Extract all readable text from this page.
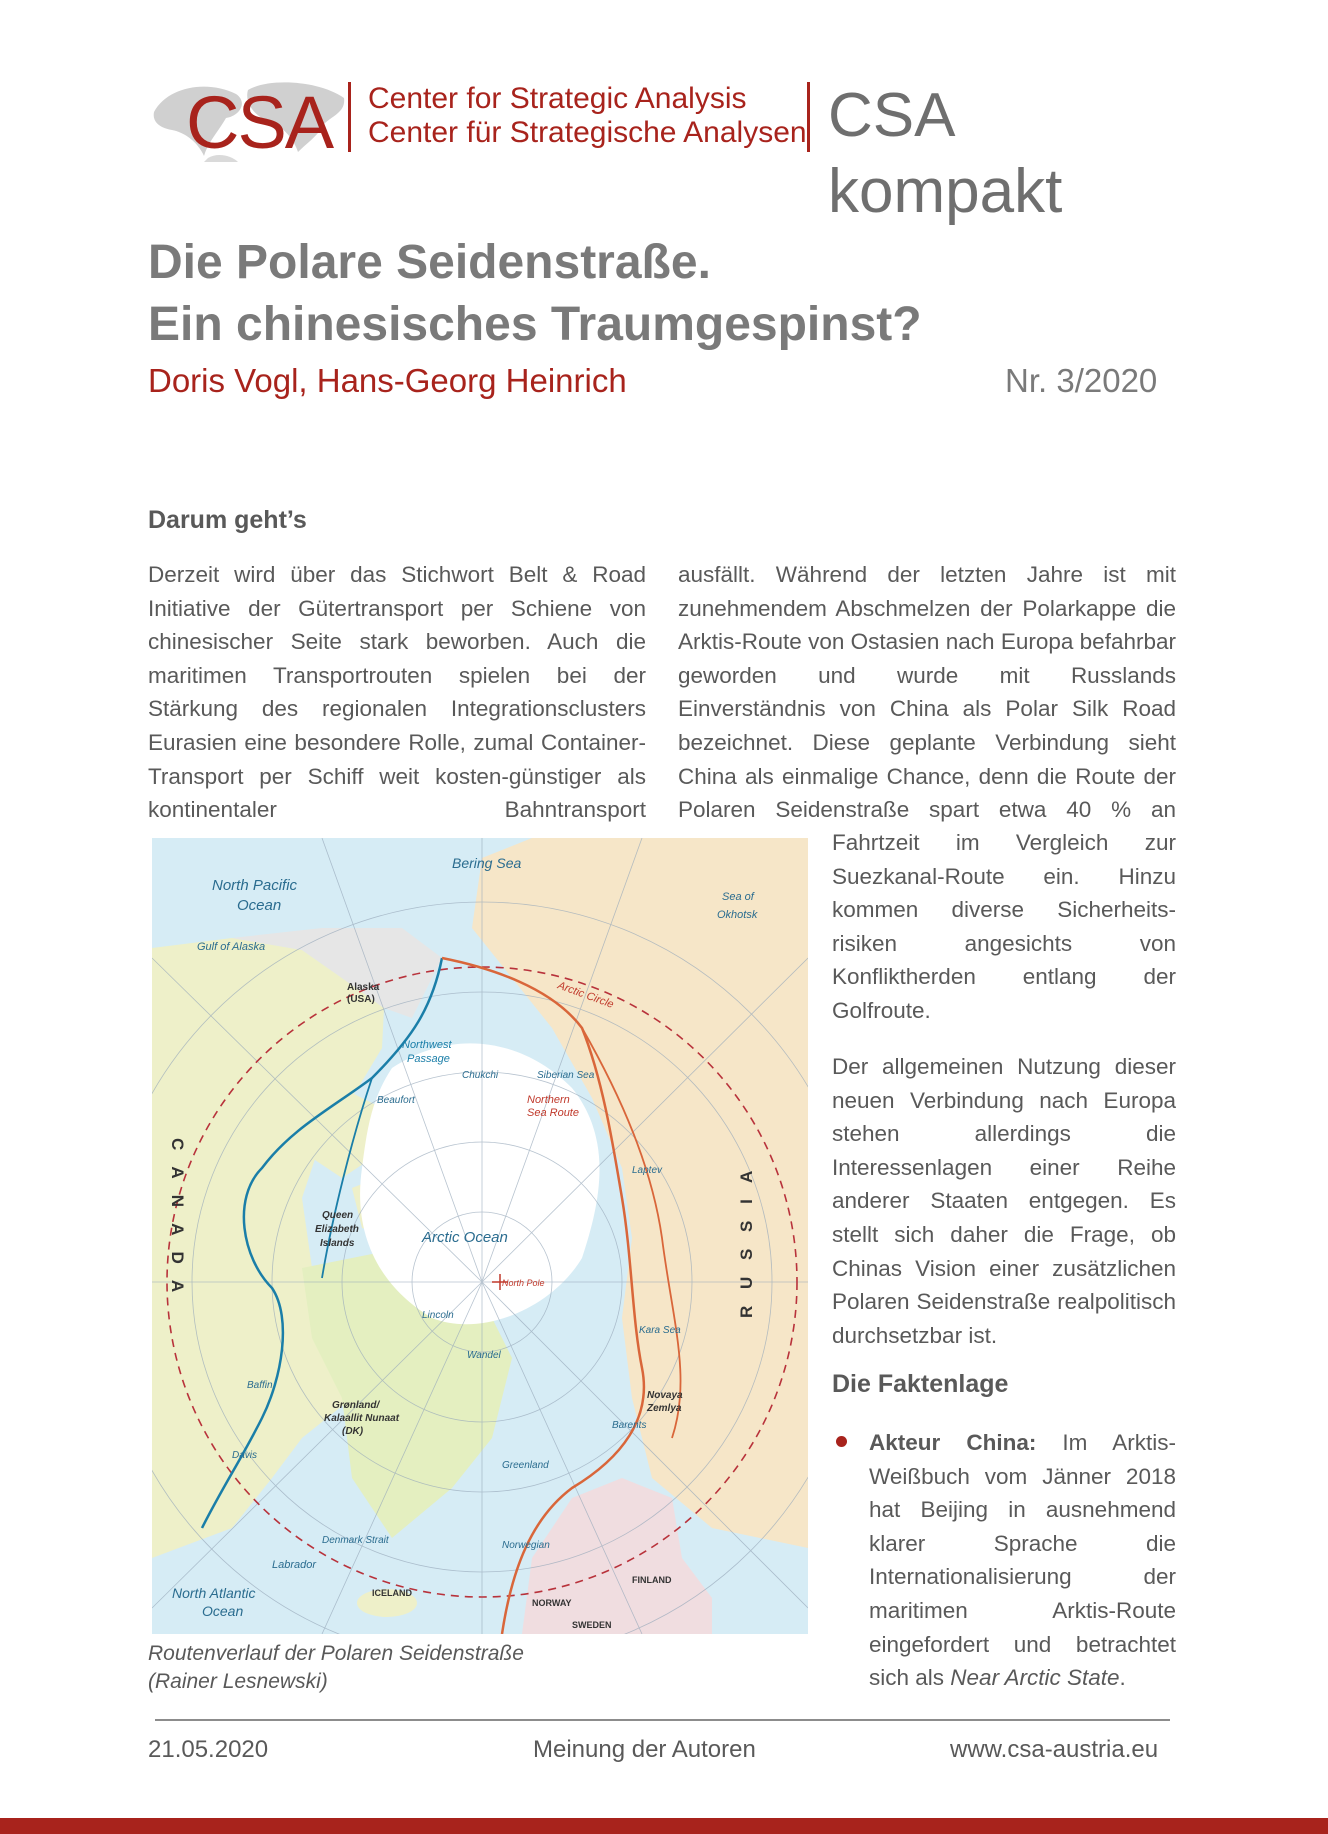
CSA Center for Strategic Analysis
Center für Strategische Analysen CSA kompakt
Die Polare Seidenstraße.
Ein chinesisches Traumgespinst?
Doris Vogl, Hans-Georg Heinrich	Nr. 3/2020
Darum geht’s

Derzeit wird über das Stichwort Belt & Road Initiative der Gütertransport per Schiene von chinesischer Seite stark beworben. Auch die maritimen Transportrouten spielen bei der Stärkung des regionalen Integrationsclusters Eurasien eine besondere Rolle, zumal Container-Transport per Schiff weit kosten-günstiger als kontinentaler Bahntransport

ausfällt. Während der letzten Jahre ist mit zunehmendem Abschmelzen der Polarkappe die Arktis-Route von Ostasien nach Europa befahrbar geworden und wurde mit Russlands Einverständnis von China als Polar Silk Road bezeichnet. Diese geplante Verbindung sieht China als einmalige Chance, denn die Route der Polaren Seidenstraße spart etwa 40 % an

Fahrtzeit im Vergleich zur Suezkanal-Route ein. Hinzu kommen diverse Sicherheits-risiken angesichts von Konfliktherden entlang der Golfroute.

Der allgemeinen Nutzung dieser neuen Verbindung nach Europa stehen allerdings die Interessenlagen einer Reihe anderer Staaten entgegen. Es stellt sich daher die Frage, ob Chinas Vision einer zusätzlichen Polaren Seidenstraße realpolitisch durchsetzbar ist.

Die Faktenlage

Akteur China: Im Arktis-Weißbuch vom Jänner 2018 hat Beijing in ausnehmend klarer Sprache die Internationalisierung der maritimen Arktis-Route eingefordert und betrachtet sich als Near Arctic State.

North Pacific
Ocean
Bering Sea
Sea of
Okhotsk
Gulf of Alaska
Labrador
North Atlantic
Ocean
Arctic Ocean
Chukchi	Siberian Sea
Beaufort
Laptev
Kara Sea
Barents
Greenland
Denmark Strait	Norwegian
Baffin
Davis
Lincoln
Wandel
Northwest
Passage
Northern
Sea Route
Arctic Circle
North Pole
Alaska
(USA)
C A N A D A	R U S S I A
Grønland/
Kalaallit Nunaat
(DK)
ICELAND
NORWAY
FINLAND
SWEDEN
Queen
Elizabeth
Islands
Novaya
Zemlya
Routenverlauf der Polaren Seidenstraße
(Rainer Lesnewski)
21.05.2020	Meinung der Autoren	www.csa-austria.eu
